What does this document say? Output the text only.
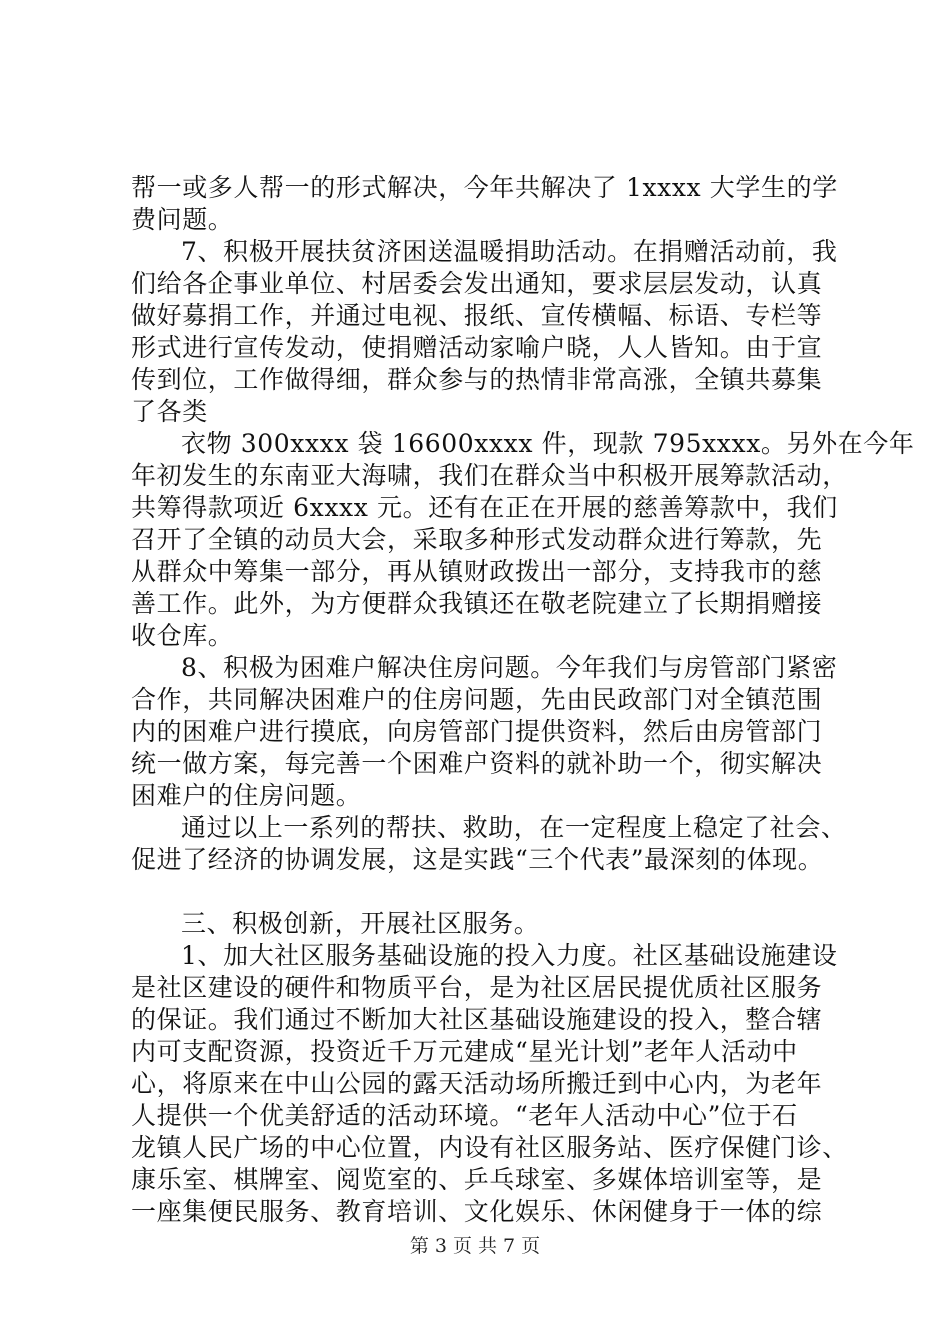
帮一或多人帮一的形式解决，今年共解决了 1xxxx 大学生的学
费问题。
7、积极开展扶贫济困送温暖捐助活动。在捐赠活动前，我
们给各企事业单位、村居委会发出通知，要求层层发动，认真
做好募捐工作，并通过电视、报纸、宣传横幅、标语、专栏等
形式进行宣传发动，使捐赠活动家喻户晓，人人皆知。由于宣
传到位，工作做得细，群众参与的热情非常高涨，全镇共募集
了各类
衣物 300xxxx 袋 16600xxxx 件，现款 795xxxx。另外在今年
年初发生的东南亚大海啸，我们在群众当中积极开展筹款活动，
共筹得款项近 6xxxx 元。还有在正在开展的慈善筹款中，我们
召开了全镇的动员大会，采取多种形式发动群众进行筹款，先
从群众中筹集一部分，再从镇财政拨出一部分，支持我市的慈
善工作。此外，为方便群众我镇还在敬老院建立了长期捐赠接
收仓库。
8、积极为困难户解决住房问题。今年我们与房管部门紧密
合作，共同解决困难户的住房问题，先由民政部门对全镇范围
内的困难户进行摸底，向房管部门提供资料，然后由房管部门
统一做方案，每完善一个困难户资料的就补助一个，彻实解决
困难户的住房问题。
通过以上一系列的帮扶、救助，在一定程度上稳定了社会、
促进了经济的协调发展，这是实践“三个代表”最深刻的体现。
三、积极创新，开展社区服务。
1、加大社区服务基础设施的投入力度。社区基础设施建设
是社区建设的硬件和物质平台，是为社区居民提优质社区服务
的保证。我们通过不断加大社区基础设施建设的投入，整合辖
内可支配资源，投资近千万元建成“星光计划”老年人活动中
心，将原来在中山公园的露天活动场所搬迁到中心内，为老年
人提供一个优美舒适的活动环境。“老年人活动中心”位于石
龙镇人民广场的中心位置，内设有社区服务站、医疗保健门诊、
康乐室、棋牌室、阅览室的、乒乓球室、多媒体培训室等，是
一座集便民服务、教育培训、文化娱乐、休闲健身于一体的综
第 3 页 共 7 页
